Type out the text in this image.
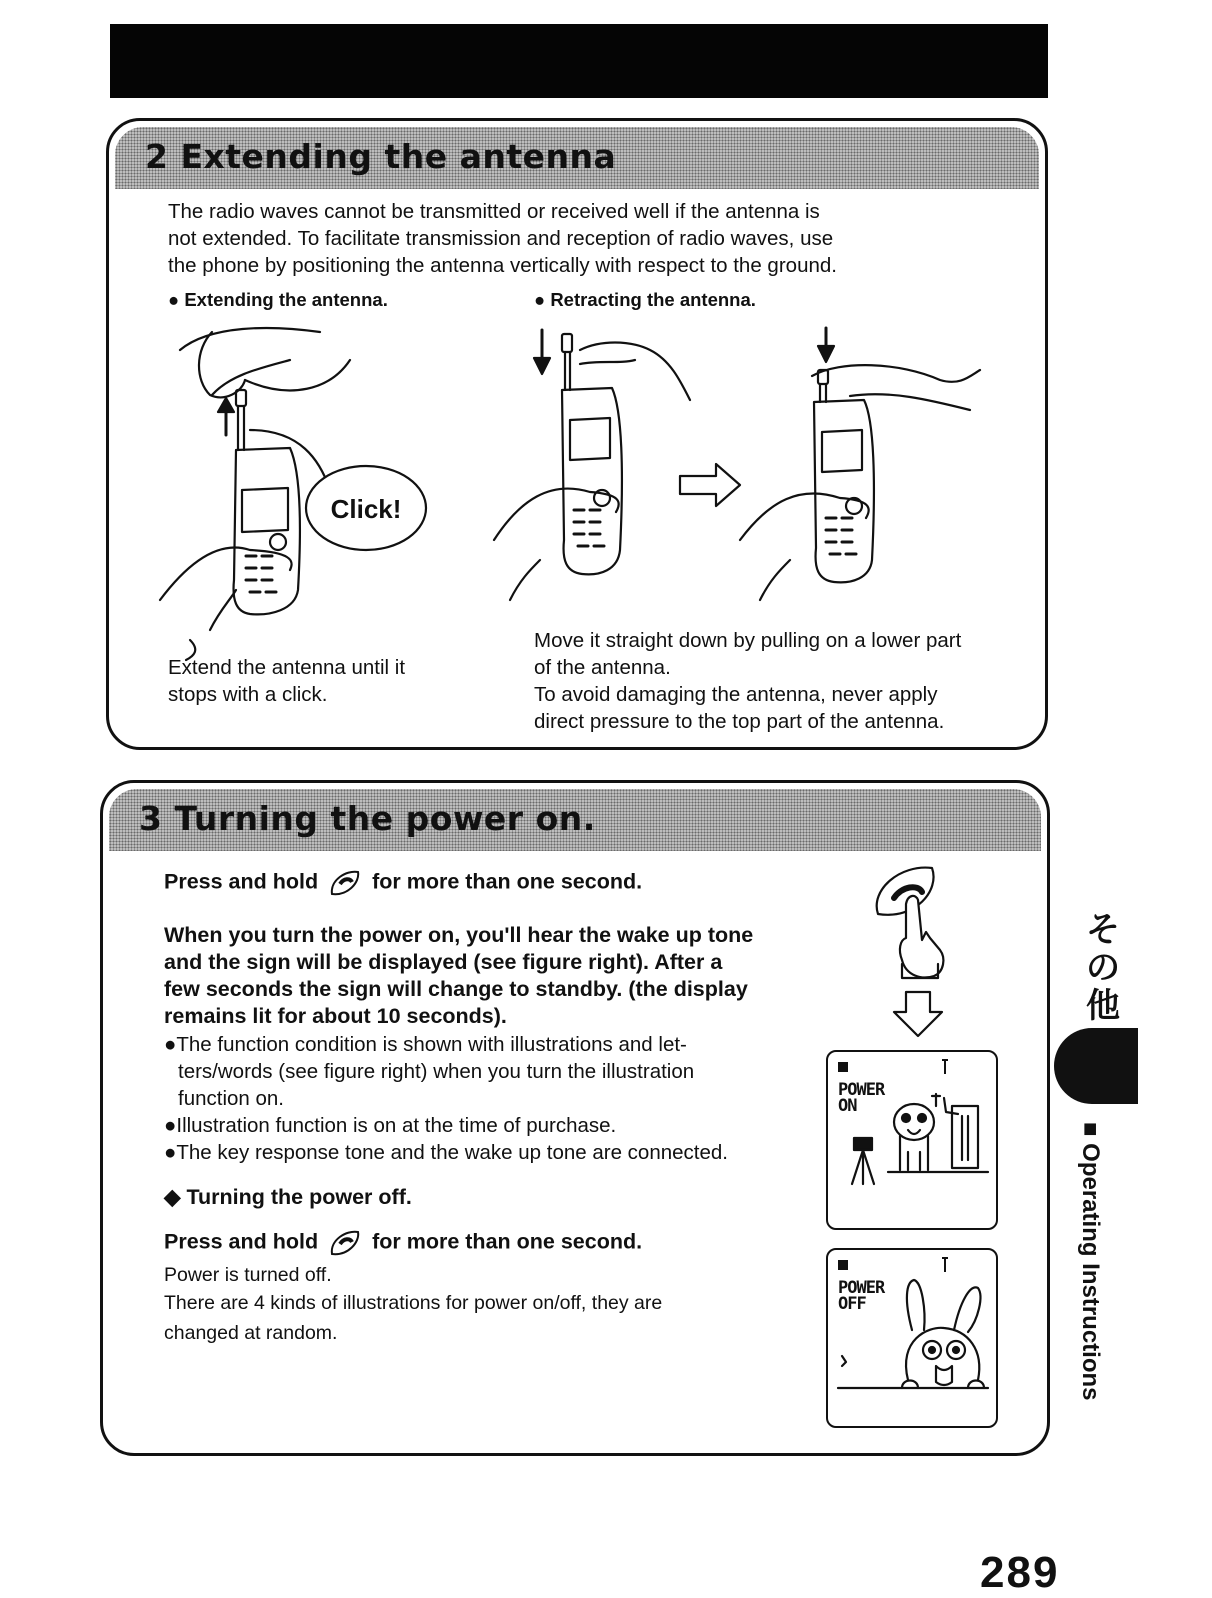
2 Extending the antenna
The radio waves cannot be transmitted or received well if the antenna is
not extended. To facilitate transmission and reception of radio waves, use
the phone by positioning the antenna vertically with respect to the ground.
● Extending the antenna.	● Retracting the antenna.
Click!
Extend the antenna until it
stops with a click.
Move it straight down by pulling on a lower part
of the antenna.
To avoid damaging the antenna, never apply
direct pressure to the top part of the antenna.
3 Turning the power on.
Press and hold	for more than one second.
When you turn the power on, you'll hear the wake up tone
and the sign will be displayed (see figure right). After a
few seconds the sign will change to standby. (the display
remains lit for about 10 seconds).
●The function condition is shown with illustrations and let-
ters/words (see figure right) when you turn the illustration
function on.
●Illustration function is on at the time of purchase.
●The key response tone and the wake up tone are connected.
◆ Turning the power off.
Press and hold	for more than one second.
Power is turned off.
There are 4 kinds of illustrations for power on/off, they are
changed at random.
POWER
ON
POWER
OFF
そ
の
他
■ Operating Instructions
289
